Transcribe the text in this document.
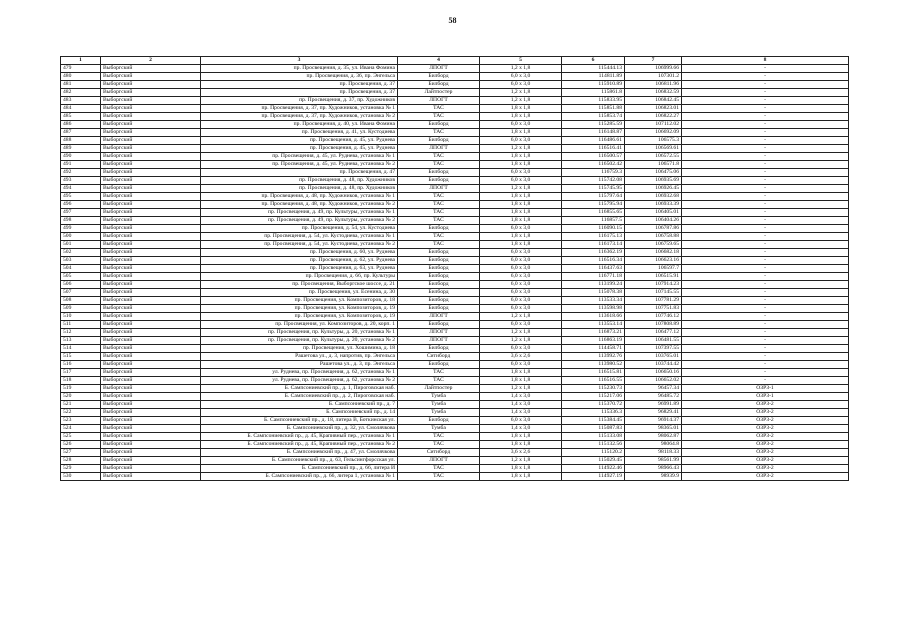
58
1	2	3	4	5	6	7	8
479	Выборгский	пр. Просвещения, д. 35, ул. Ивана Фомина	ЛПОГТ	1,2 х 1,8	115444.13	106999.66	-
480	Выборгский	пр. Просвещения, д. 36, пр. Энгельса	Билборд	6,0 х 3,0	114811.89	107301.2	-
481	Выборгский	пр. Просвещения, д. 37	Билборд	6,0 х 3,0	115910.89	106811.96	-
482	Выборгский	пр. Просвещения, д. 37	Лайтпостер	1,2 х 1,8	115861.8	106832.59	-
483	Выборгский	пр. Просвещения, д. 37, пр. Художников	ЛПОГТ	1,2 х 1,8	115833.95	106842.45	-
484	Выборгский	пр. Просвещения, д. 37, пр. Художников, установка № 1	ТАС	1,8 х 1,8	115851.88	106823.01	-
485	Выборгский	пр. Просвещения, д. 37, пр. Художников, установка № 2	ТАС	1,8 х 1,8	115853.74	106822.27	-
486	Выборгский	пр. Просвещения, д. 40, ул. Ивана Фомина	Билборд	6,0 х 3,0	115285.59	107112.02	-
487	Выборгский	пр. Просвещения, д. 41, ул. Кустодиева	ТАС	1,8 х 1,8	116148.87	106692.09	-
488	Выборгский	пр. Просвещения, д. 45, ул. Руднева	Билборд	6,0 х 3,0	116486.61	106575.3	-
489	Выборгский	пр. Просвещения, д. 45, ул. Руднева	ЛПОГТ	1,2 х 1,8	116516.41	106569.61	-
490	Выборгский	пр. Просвещения, д. 45, ул. Руднева, установка № 1	ТАС	1,8 х 1,8	116500.57	106572.55	-
491	Выборгский	пр. Просвещения, д. 45, ул. Руднева, установка № 2	ТАС	1,8 х 1,8	116502.42	106571.8	-
492	Выборгский	пр. Просвещения, д. 47	Билборд	6,0 х 3,0	116759.3	106475.06	-
493	Выборгский	пр. Просвещения, д. 48, пр. Художников	Билборд	6,0 х 3,0	115742.08	106935.69	-
494	Выборгский	пр. Просвещения, д. 48, пр. Художников	ЛПОГТ	1,2 х 1,8	115745.95	106926.45	-
495	Выборгский	пр. Просвещения, д. 48, пр. Художников, установка № 1	ТАС	1,8 х 1,8	115797.64	106932.68	-
496	Выборгский	пр. Просвещения, д. 48, пр. Художников, установка № 2	ТАС	1,8 х 1,8	115795.94	106933.39	-
497	Выборгский	пр. Просвещения, д. 49, пр. Культуры, установка № 1	ТАС	1,8 х 1,8	116855.65	106405.01	-
498	Выборгский	пр. Просвещения, д. 49, пр. Культуры, установка № 2	ТАС	1,8 х 1,8	116857.5	106404.26	-
499	Выборгский	пр. Просвещения, д. 54, ул. Кустодиева	Билборд	6,0 х 3,0	116090.15	106787.86	-
500	Выборгский	пр. Просвещения, д. 54, ул. Кустодиева, установка № 1	ТАС	1,8 х 1,8	116175.13	106758.88	-
501	Выборгский	пр. Просвещения, д. 54, ул. Кустодиева, установка № 2	ТАС	1,8 х 1,8	116173.14	106759.65	-
502	Выборгский	пр. Просвещения, д. 60, ул. Руднева	Билборд	6,0 х 3,0	116362.19	106682.18	-
503	Выборгский	пр. Просвещения, д. 62, ул. Руднева	Билборд	6,0 х 3,0	116516.34	106623.16	-
504	Выборгский	пр. Просвещения, д. 63, ул. Руднева	Билборд	6,0 х 3,0	116437.63	106597.7	-
505	Выборгский	пр. Просвещения, д. 66, пр. Культуры	Билборд	6,0 х 3,0	116771.18	106515.91	-
506	Выборгский	пр. Просвещения, Выборгское шоссе, д. 21	Билборд	6,0 х 3,0	113199.24	107914.23	-
507	Выборгский	пр. Просвещения, ул. Есенина, д. 30	Билборд	6,0 х 3,0	115078.38	107145.55	-
508	Выборгский	пр. Просвещения, ул. Композиторов, д. 18	Билборд	6,0 х 3,0	113533.34	107781.29	-
509	Выборгский	пр. Просвещения, ул. Композиторов, д. 19	Билборд	6,0 х 3,0	113598.98	107751.83	-
510	Выборгский	пр. Просвещения, ул. Композиторов, д. 19	ЛПОГТ	1,2 х 1,8	113618.66	107746.12	-
511	Выборгский	пр. Просвещения, ул. Композиторов, д. 20, корп. 1	Билборд	6,0 х 3,0	113553.14	107808.89	-
512	Выборгский	пр. Просвещения, пр. Культуры, д. 20, установка № 1	ЛПОГТ	1,2 х 1,8	116873.21	106477.12	-
513	Выборгский	пр. Просвещения, пр. Культуры, д. 20, установка № 2	ЛПОГТ	1,2 х 1,8	116863.19	106481.55	-
514	Выборгский	пр. Просвещения, ул. Хошимина, д. 18	Билборд	6,0 х 3,0	114458.71	107397.55	-
515	Выборгский	Рашетова ул., д. 3, напротив, пр. Энгельса	Ситиборд	3,6 х 2,6	113992.76	103765.01	-
516	Выборгский	Рашетова ул., д. 3, пр. Энгельса	Билборд	6,0 х 3,0	113980.52	103744.42	-
517	Выборгский	ул. Руднева, пр. Просвещения, д. 62, установка № 1	ТАС	1,8 х 1,8	116515.81	106650.16	-
518	Выборгский	ул. Руднева, пр. Просвещения, д. 62, установка № 2	ТАС	1,8 х 1,8	116516.55	106652.02	-
519	Выборгский	Б. Сампсониевский пр., д. 1, Пироговская наб.	Лайтпостер	1,2 х 1,8	115230.73	96457.34	ОЗРЗ-1
520	Выборгский	Б. Сампсониевский пр., д. 2, Пироговская наб.	Тумба	1,4 х 3,0	115217.06	96485.72	ОЗРЗ-1
521	Выборгский	Б. Сампсониевский пр., д. 7	Тумба	1,4 х 3,0	115370.72	96991.89	ОЗРЗ-2
522	Выборгский	Б. Сампсониевский пр., д. 14	Тумба	1,4 х 3,0	115336.3	96829.41	ОЗРЗ-2
523	Выборгский	Б. Сампсониевский пр., д. 18, литера В, Боткинская ул.	Билборд	6,0 х 3,0	115384.45	96914.37	ОЗРЗ-2
524	Выборгский	Б. Сампсониевский пр., д. 32, ул. Смолячкова	Тумба	1,4 х 3,0	115087.83	98365.01	ОЗРЗ-2
525	Выборгский	Б. Сампсониевский пр., д. 45, Крапивный пер., установка № 1	ТАС	1,8 х 1,8	115133.08	98062.87	ОЗРЗ-2
526	Выборгский	Б. Сампсониевский пр., д. 45, Крапивный пер., установка № 2	ТАС	1,8 х 1,8	115132.56	98064.8	ОЗРЗ-2
527	Выборгский	Б. Сампсониевский пр., д. 47, ул. Смолячкова	Ситиборд	3,6 х 2,6	115120.2	98118.33	ОЗРЗ-2
528	Выборгский	Б. Сампсониевский пр., д. 63, Гельсингфорсская ул.	ЛПОГТ	1,2 х 1,8	115029.45	98561.99	ОЗРЗ-2
529	Выборгский	Б. Сампсониевский пр., д. 66, литера И	ТАС	1,8 х 1,8	114922.46	98966.43	ОЗРЗ-2
530	Выборгский	Б. Сампсониевский пр., д. 66, литера 1, установка № 1	ТАС	1,8 х 1,8	114927.19	98939.9	ОЗРЗ-2
